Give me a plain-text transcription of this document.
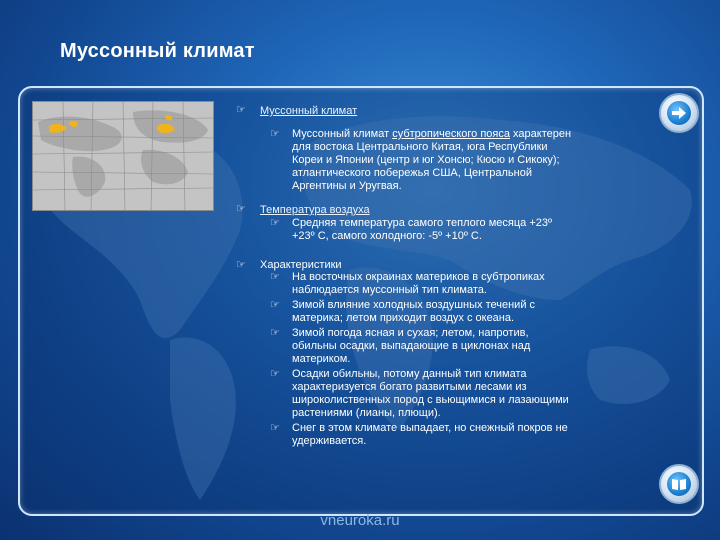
Муссонный климат
☞ Муссонный климат
☞ Муссонный климат субтропического пояса характерен
для востока Центрального Китая, юга Республики
Кореи и Японии (центр и юг Хонсю; Кюсю и Сикоку);
атлантического побережья США, Центральной
Аргентины и Уругвая.
☞ Температура воздуха
☞ Средняя температура самого теплого месяца +23º
+23º С, самого холодного: -5º +10º С.
☞ Характеристики
☞ На восточных окраинах материков в субтропиках
наблюдается муссонный тип климата.
☞ Зимой влияние холодных воздушных течений с
материка; летом приходит воздух с океана.
☞ Зимой погода ясная и сухая; летом, напротив,
обильны осадки, выпадающие в циклонах над
материком.
☞ Осадки обильны, потому данный тип климата
характеризуется богато развитыми лесами из
широколиственных пород с вьющимися и лазающими
растениями (лианы, плющи).
☞ Снег в этом климате выпадает, но снежный покров не
удерживается.
vneuroka.ru
